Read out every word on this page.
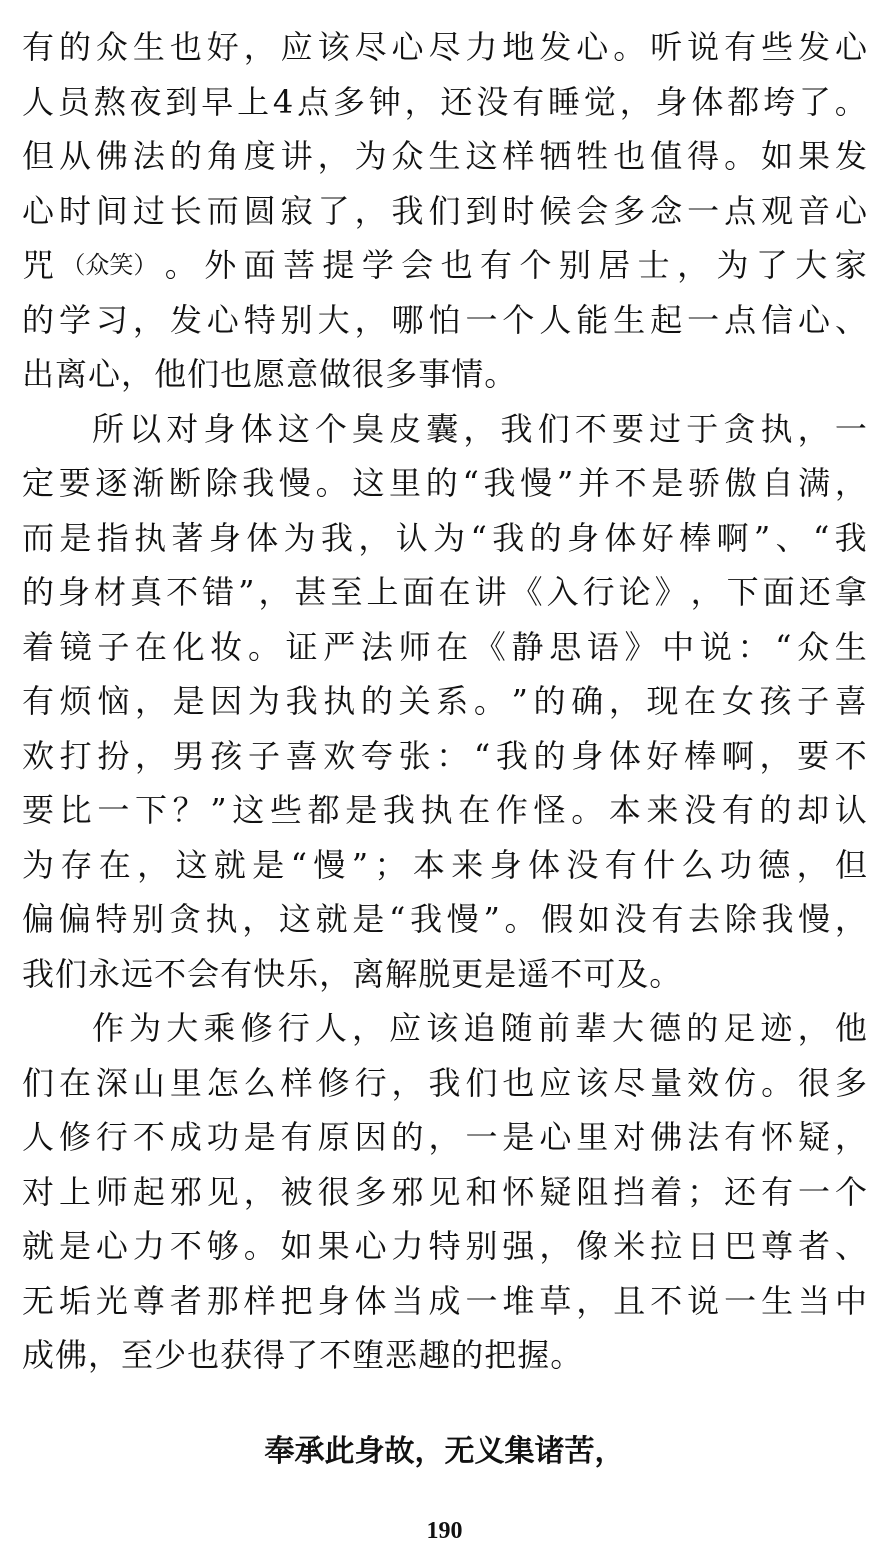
有 的 众 生 也 好 ， 应 该 尽 心 尽 力 地 发 心 。 听 说 有 些 发 心
人 员 熬 夜 到 早 上 4 点 多 钟 ， 还 没 有 睡 觉 ， 身 体 都 垮 了 。
但 从 佛 法 的 角 度 讲 ， 为 众 生 这 样 牺 牲 也 值 得 。 如 果 发
心 时 间 过 长 而 圆 寂 了 ， 我 们 到 时 候 会 多 念 一 点 观 音 心
咒 （众笑） 。 外 面 菩 提 学 会 也 有 个 别 居 士 ， 为 了 大 家
的 学 习 ， 发 心 特 别 大 ， 哪 怕 一 个 人 能 生 起 一 点 信 心 、
出 离 心 ， 他 们 也 愿 意 做 很 多 事 情 。
所 以 对 身 体 这 个 臭 皮 囊 ， 我 们 不 要 过 于 贪 执 ， 一
定 要 逐 渐 断 除 我 慢 。 这 里 的 “ 我 慢 ” 并 不 是 骄 傲 自 满 ，
而 是 指 执 著 身 体 为 我 ， 认 为 “ 我 的 身 体 好 棒 啊 ” 、 “ 我
的 身 材 真 不 错 ” ， 甚 至 上 面 在 讲 《 入 行 论 》 ， 下 面 还 拿
着 镜 子 在 化 妆 。 证 严 法 师 在 《 静 思 语 》 中 说 ： “ 众 生
有 烦 恼 ， 是 因 为 我 执 的 关 系 。 ” 的 确 ， 现 在 女 孩 子 喜
欢 打 扮 ， 男 孩 子 喜 欢 夸 张 ： “ 我 的 身 体 好 棒 啊 ， 要 不
要 比 一 下 ？ ” 这 些 都 是 我 执 在 作 怪 。 本 来 没 有 的 却 认
为 存 在 ， 这 就 是 “ 慢 ” ； 本 来 身 体 没 有 什 么 功 德 ， 但
偏 偏 特 别 贪 执 ， 这 就 是 “ 我 慢 ” 。 假 如 没 有 去 除 我 慢 ，
我 们 永 远 不 会 有 快 乐 ， 离 解 脱 更 是 遥 不 可 及 。
作 为 大 乘 修 行 人 ， 应 该 追 随 前 辈 大 德 的 足 迹 ， 他
们 在 深 山 里 怎 么 样 修 行 ， 我 们 也 应 该 尽 量 效 仿 。 很 多
人 修 行 不 成 功 是 有 原 因 的 ， 一 是 心 里 对 佛 法 有 怀 疑 ，
对 上 师 起 邪 见 ， 被 很 多 邪 见 和 怀 疑 阻 挡 着 ； 还 有 一 个
就 是 心 力 不 够 。 如 果 心 力 特 别 强 ， 像 米 拉 日 巴 尊 者 、
无 垢 光 尊 者 那 样 把 身 体 当 成 一 堆 草 ， 且 不 说 一 生 当 中
成 佛 ， 至 少 也 获 得 了 不 堕 恶 趣 的 把 握 。
奉承此身故，无义集诸苦，
190
